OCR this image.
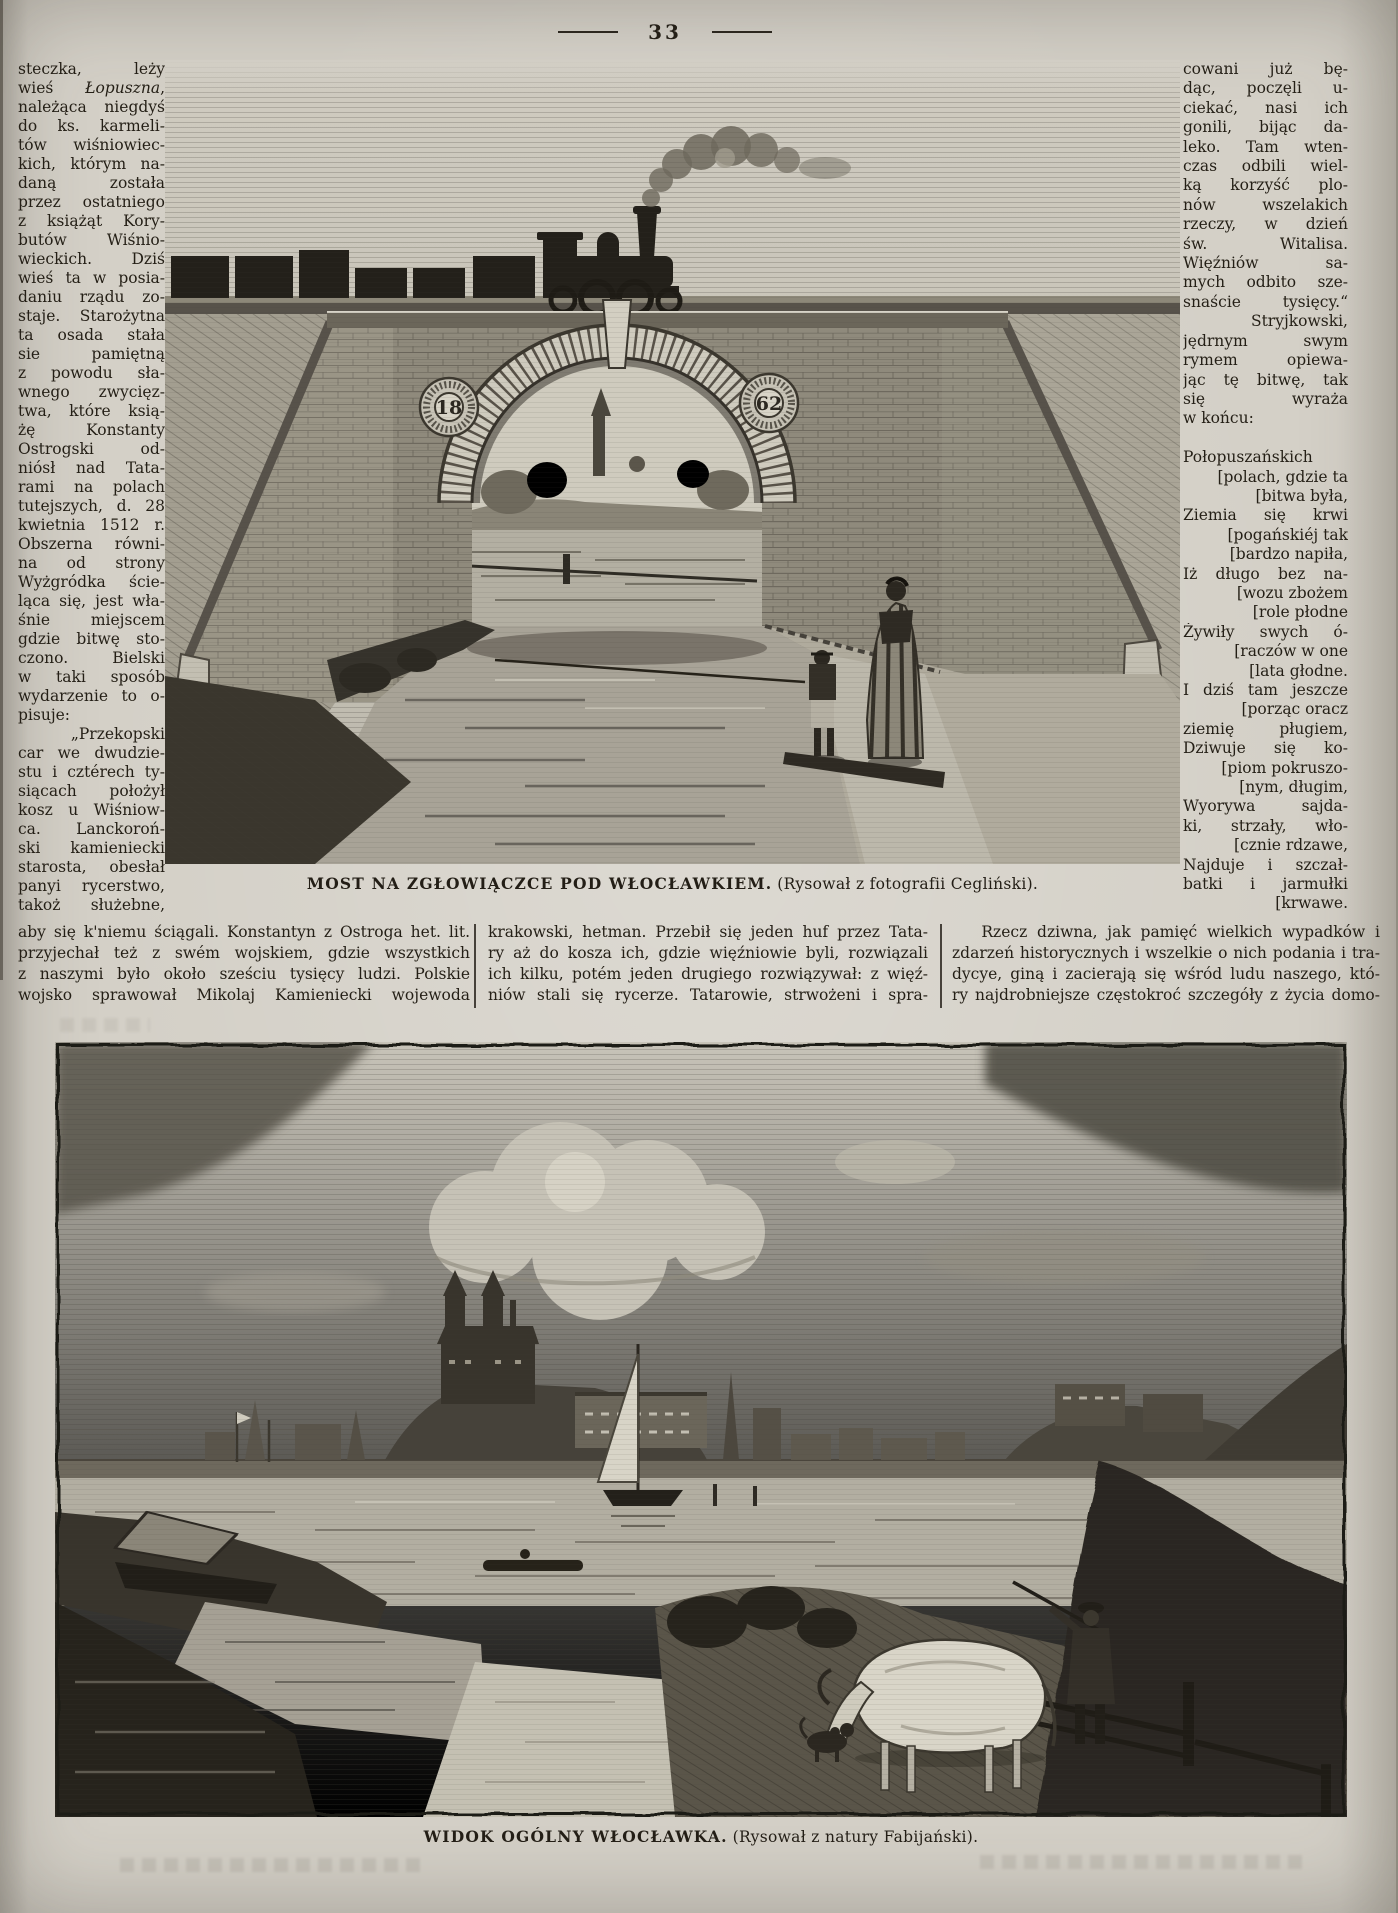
33
steczka, leży
wieś Łopuszna,
należąca niegdyś
do ks. karmeli-
tów wiśniowiec-
kich, którym na-
daną została
przez ostatniego
z książąt Kory-
butów Wiśnio-
wieckich. Dziś
wieś ta w posia-
daniu rządu zo-
staje. Starożytna
ta osada stała
sie pamiętną
z powodu sła-
wnego zwycięz-
twa, które ksią-
żę Konstanty
Ostrogski od-
niósł nad Tata-
rami na polach
tutejszych, d. 28
kwietnia 1512 r.
Obszerna równi-
na od strony
Wyżgródka ście-
ląca się, jest wła-
śnie miejscem
gdzie bitwę sto-
czono. Bielski
w taki sposób
wydarzenie to o-
pisuje:
„Przekopski
car we dwudzie-
stu i cztérech ty-
siącach położył
kosz u Wiśniow-
ca. Lanckoroń-
ski kamieniecki
starosta, obesłał
panyi rycerstwo,
takoż służebne,
cowani już bę-
dąc, poczęli u-
ciekać, nasi ich
gonili, bijąc da-
leko. Tam wten-
czas odbili wiel-
ką korzyść plo-
nów wszelakich
rzeczy, w dzień
św. Witalisa.
Więźniów sa-
mych odbito sze-
snaście tysięcy.“
Stryjkowski,
jędrnym swym
rymem opiewa-
jąc tę bitwę, tak
się wyraża
w końcu:

Połopuszańskich
[polach, gdzie ta
[bitwa była,
Ziemia się krwi
[pogańskiéj tak
[bardzo napiła,
Iż długo bez na-
[wozu zbożem
[role płodne
Żywiły swych ó-
[raczów w one
[lata głodne.
I dziś tam jeszcze
[porząc oracz
ziemię pługiem,
Dziwuje się ko-
[piom pokruszo-
[nym, długim,
Wyorywa sajda-
ki, strzały, wło-
[cznie rdzawe,
Najduje i szczał-
batki i jarmułki
[krwawe.
18	62
MOST NA ZGŁOWIĄCZCE POD WŁOCŁAWKIEM. (Rysował z fotografii Cegliński).
aby się k'niemu ściągali. Konstantyn z Ostroga het. lit.
przyjechał też z swém wojskiem, gdzie wszystkich
z naszymi było około sześciu tysięcy ludzi. Polskie
wojsko sprawował Mikolaj Kamieniecki wojewoda
krakowski, hetman. Przebił się jeden huf przez Tata-
ry aż do kosza ich, gdzie więźniowie byli, rozwiązali
ich kilku, potém jeden drugiego rozwiązywał: z więź-
niów stali się rycerze. Tatarowie, strwożeni i spra-
Rzecz dziwna, jak pamięć wielkich wypadków i
zdarzeń historycznych i wszelkie o nich podania i tra-
dycye, giną i zacierają się wśród ludu naszego, któ-
ry najdrobniejsze częstokroć szczegóły z życia domo-
WIDOK OGÓLNY WŁOCŁAWKA. (Rysował z natury Fabijański).
